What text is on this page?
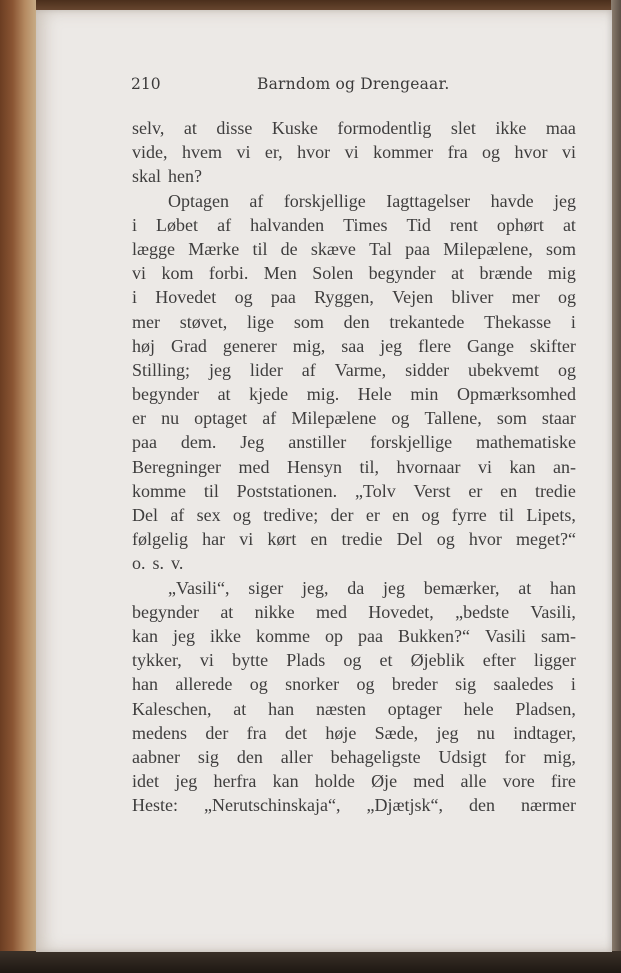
210	Barndom og Drengeaar.
selv, at disse Kuske formodentlig slet ikke maa
vide, hvem vi er, hvor vi kommer fra og hvor vi
skal hen?
Optagen af forskjellige Iagttagelser havde jeg
i Løbet af halvanden Times Tid rent ophørt at
lægge Mærke til de skæve Tal paa Milepælene, som
vi kom forbi. Men Solen begynder at brænde mig
i Hovedet og paa Ryggen, Vejen bliver mer og
mer støvet, lige som den trekantede Thekasse i
høj Grad generer mig, saa jeg flere Gange skifter
Stilling; jeg lider af Varme, sidder ubekvemt og
begynder at kjede mig. Hele min Opmærksomhed
er nu optaget af Milepælene og Tallene, som staar
paa dem. Jeg anstiller forskjellige mathematiske
Beregninger med Hensyn til, hvornaar vi kan an-
komme til Poststationen. „Tolv Verst er en tredie
Del af sex og tredive; der er en og fyrre til Lipets,
følgelig har vi kørt en tredie Del og hvor meget?“
o. s. v.
„Vasili“, siger jeg, da jeg bemærker, at han
begynder at nikke med Hovedet, „bedste Vasili,
kan jeg ikke komme op paa Bukken?“ Vasili sam-
tykker, vi bytte Plads og et Øjeblik efter ligger
han allerede og snorker og breder sig saaledes i
Kaleschen, at han næsten optager hele Pladsen,
medens der fra det høje Sæde, jeg nu indtager,
aabner sig den aller behageligste Udsigt for mig,
idet jeg herfra kan holde Øje med alle vore fire
Heste: „Nerutschinskaja“, „Djætjsk“, den nærmer
